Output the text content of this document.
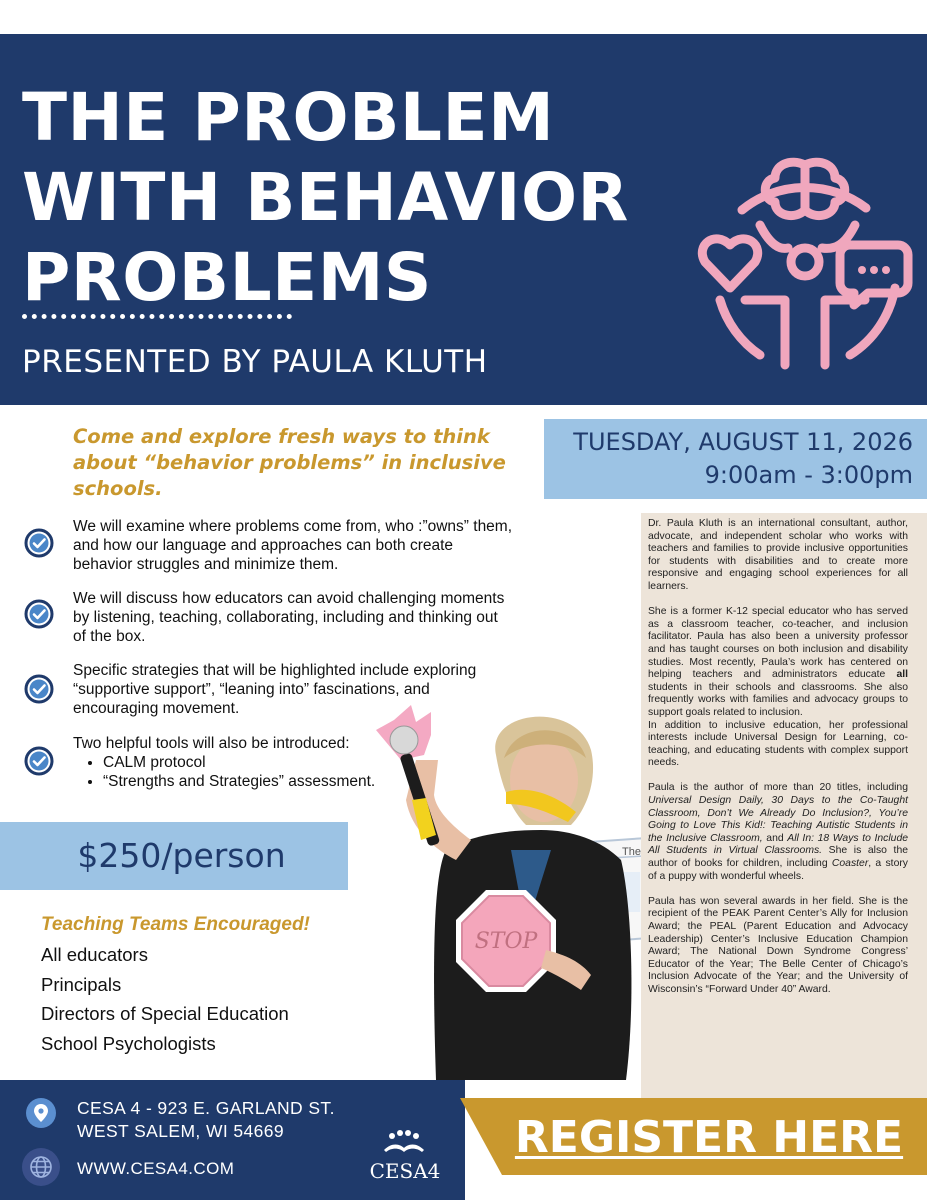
THE PROBLEM WITH BEHAVIOR PROBLEMS
PRESENTED BY PAULA KLUTH
Come and explore fresh ways to think about “behavior problems” in inclusive schools.
TUESDAY, AUGUST 11, 2026
9:00am - 3:00pm
We will examine where problems come from, who :”owns” them, and how our language and approaches can both create behavior struggles and minimize them.
We will discuss how educators can avoid challenging moments by listening, teaching, collaborating, including and thinking out of the box.
Specific strategies that will be highlighted include exploring “supportive support”, “leaning into” fascinations, and encouraging movement.
Two helpful tools will also be introduced:
• CALM protocol
• “Strengths and Strategies” assessment.
The
STOP
$250/person
Teaching Teams Encouraged!
All educators
Principals
Directors of Special Education
School Psychologists

Dr. Paula Kluth is an international consultant, author, advocate, and independent scholar who works with teachers and families to provide inclusive opportunities for students with disabilities and to create more responsive and engaging school experiences for all learners.

She is a former K-12 special educator who has served as a classroom teacher, co-teacher, and inclusion facilitator. Paula has also been a university professor and has taught courses on both inclusion and disability studies. Most recently, Paula’s work has centered on helping teachers and administrators educate all students in their schools and classrooms. She also frequently works with families and advocacy groups to support goals related to inclusion.

In addition to inclusive education, her professional interests include Universal Design for Learning, co-teaching, and educating students with complex support needs.

Paula is the author of more than 20 titles, including Universal Design Daily, 30 Days to the Co-Taught Classroom, Don’t We Already Do Inclusion?, You’re Going to Love This Kid!: Teaching Autistic Students in the Inclusive Classroom, and All In: 18 Ways to Include All Students in Virtual Classrooms. She is also the author of books for children, including Coaster, a story of a puppy with wonderful wheels.

Paula has won several awards in her field. She is the recipient of the PEAK Parent Center’s Ally for Inclusion Award; the PEAL (Parent Education and Advocacy Leadership) Center’s Inclusive Education Champion Award; The National Down Syndrome Congress’ Educator of the Year; The Belle Center of Chicago’s Inclusion Advocate of the Year; and the University of Wisconsin’s “Forward Under 40” Award.

CESA 4 - 923 E. GARLAND ST.
WEST SALEM, WI 54669
WWW.CESA4.COM	CESA4
REGISTER HERE
